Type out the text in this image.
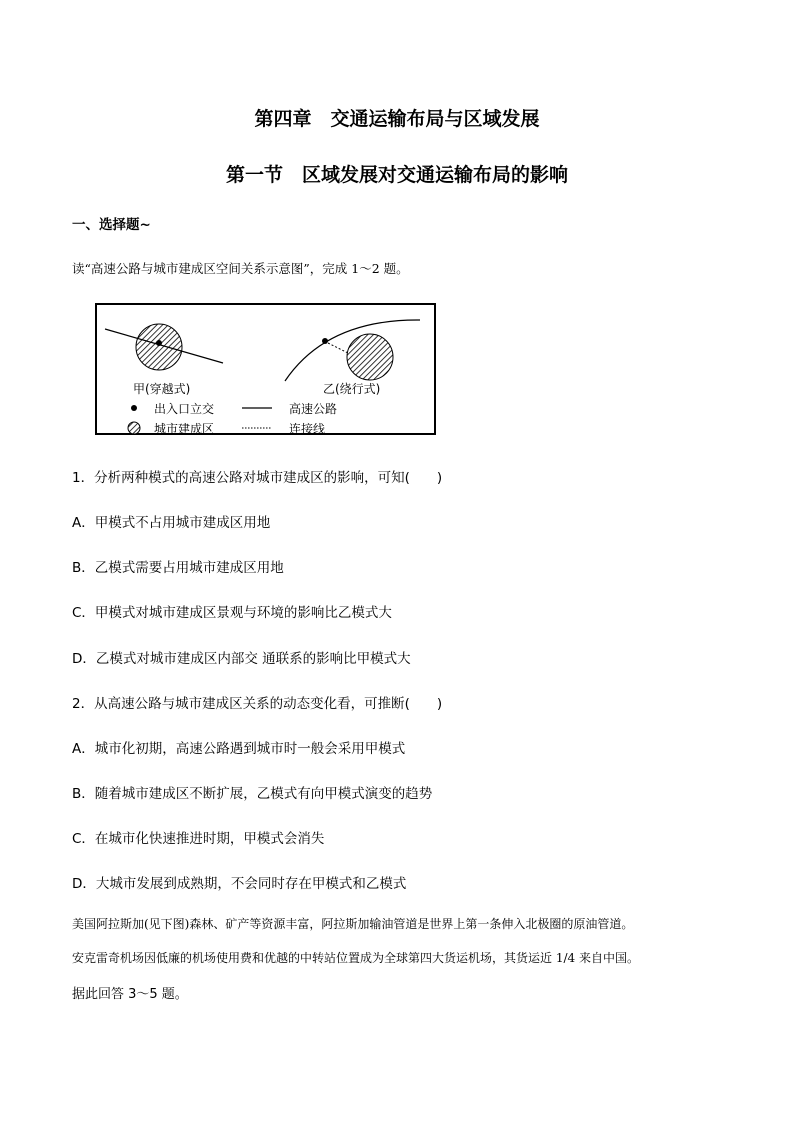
第四章　交通运输布局与区域发展
第一节　区域发展对交通运输布局的影响
一、选择题~
读“高速公路与城市建成区空间关系示意图”，完成 1～2 题。
甲(穿越式)	乙(绕行式)
出入口立交	高速公路
城市建成区	连接线
1．分析两种模式的高速公路对城市建成区的影响，可知(　　)
A．甲模式不占用城市建成区用地
B．乙模式需要占用城市建成区用地
C．甲模式对城市建成区景观与环境的影响比乙模式大
D．乙模式对城市建成区内部交 通联系的影响比甲模式大
2．从高速公路与城市建成区关系的动态变化看，可推断(　　)
A．城市化初期，高速公路遇到城市时一般会采用甲模式
B．随着城市建成区不断扩展，乙模式有向甲模式演变的趋势
C．在城市化快速推进时期，甲模式会消失
D．大城市发展到成熟期，不会同时存在甲模式和乙模式
美国阿拉斯加(见下图)森林、矿产等资源丰富，阿拉斯加输油管道是世界上第一条伸入北极圈的原油管道。
安克雷奇机场因低廉的机场使用费和优越的中转站位置成为全球第四大货运机场，其货运近 1/4 来自中国。
据此回答 3～5 题。
